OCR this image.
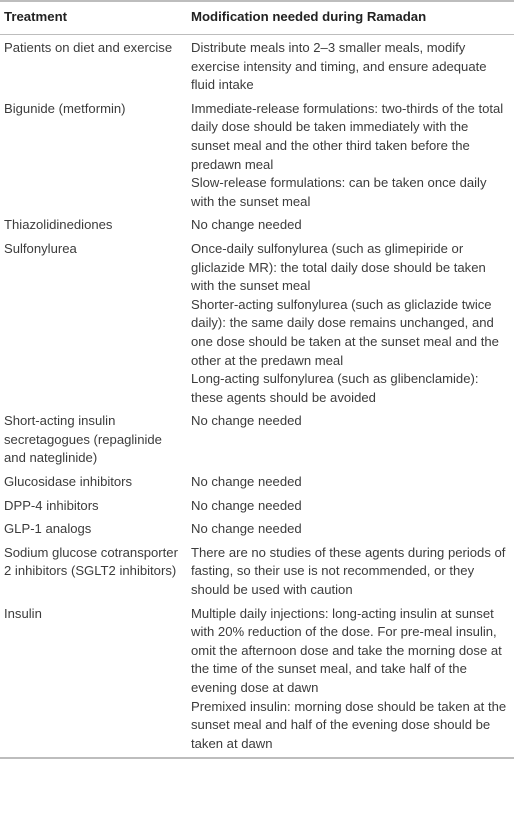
Treatment	Modification needed during Ramadan
Patients on diet and exercise	Distribute meals into 2–3 smaller meals, modify exercise intensity and timing, and ensure adequate fluid intake

Bigunide (metformin)	Immediate-release formulations: two-thirds of the total daily dose should be taken immediately with the sunset meal and the other third taken before the predawn meal
Slow-release formulations: can be taken once daily with the sunset meal

Thiazolidinediones	No change needed

Sulfonylurea	Once-daily sulfonylurea (such as glimepiride or gliclazide MR): the total daily dose should be taken with the sunset meal
Shorter-acting sulfonylurea (such as gliclazide twice daily): the same daily dose remains unchanged, and one dose should be taken at the sunset meal and the other at the predawn meal
Long-acting sulfonylurea (such as glibenclamide): these agents should be avoided

Short-acting insulin secretagogues (repaglinide and nateglinide)	No change needed

Glucosidase inhibitors	No change needed

DPP-4 inhibitors	No change needed

GLP-1 analogs	No change needed

Sodium glucose cotransporter 2 inhibitors (SGLT2 inhibitors)	There are no studies of these agents during periods of fasting, so their use is not recommended, or they should be used with caution

Insulin	Multiple daily injections: long-acting insulin at sunset with 20% reduction of the dose. For pre-meal insulin, omit the afternoon dose and take the morning dose at the time of the sunset meal, and take half of the evening dose at dawn
Premixed insulin: morning dose should be taken at the sunset meal and half of the evening dose should be taken at dawn
